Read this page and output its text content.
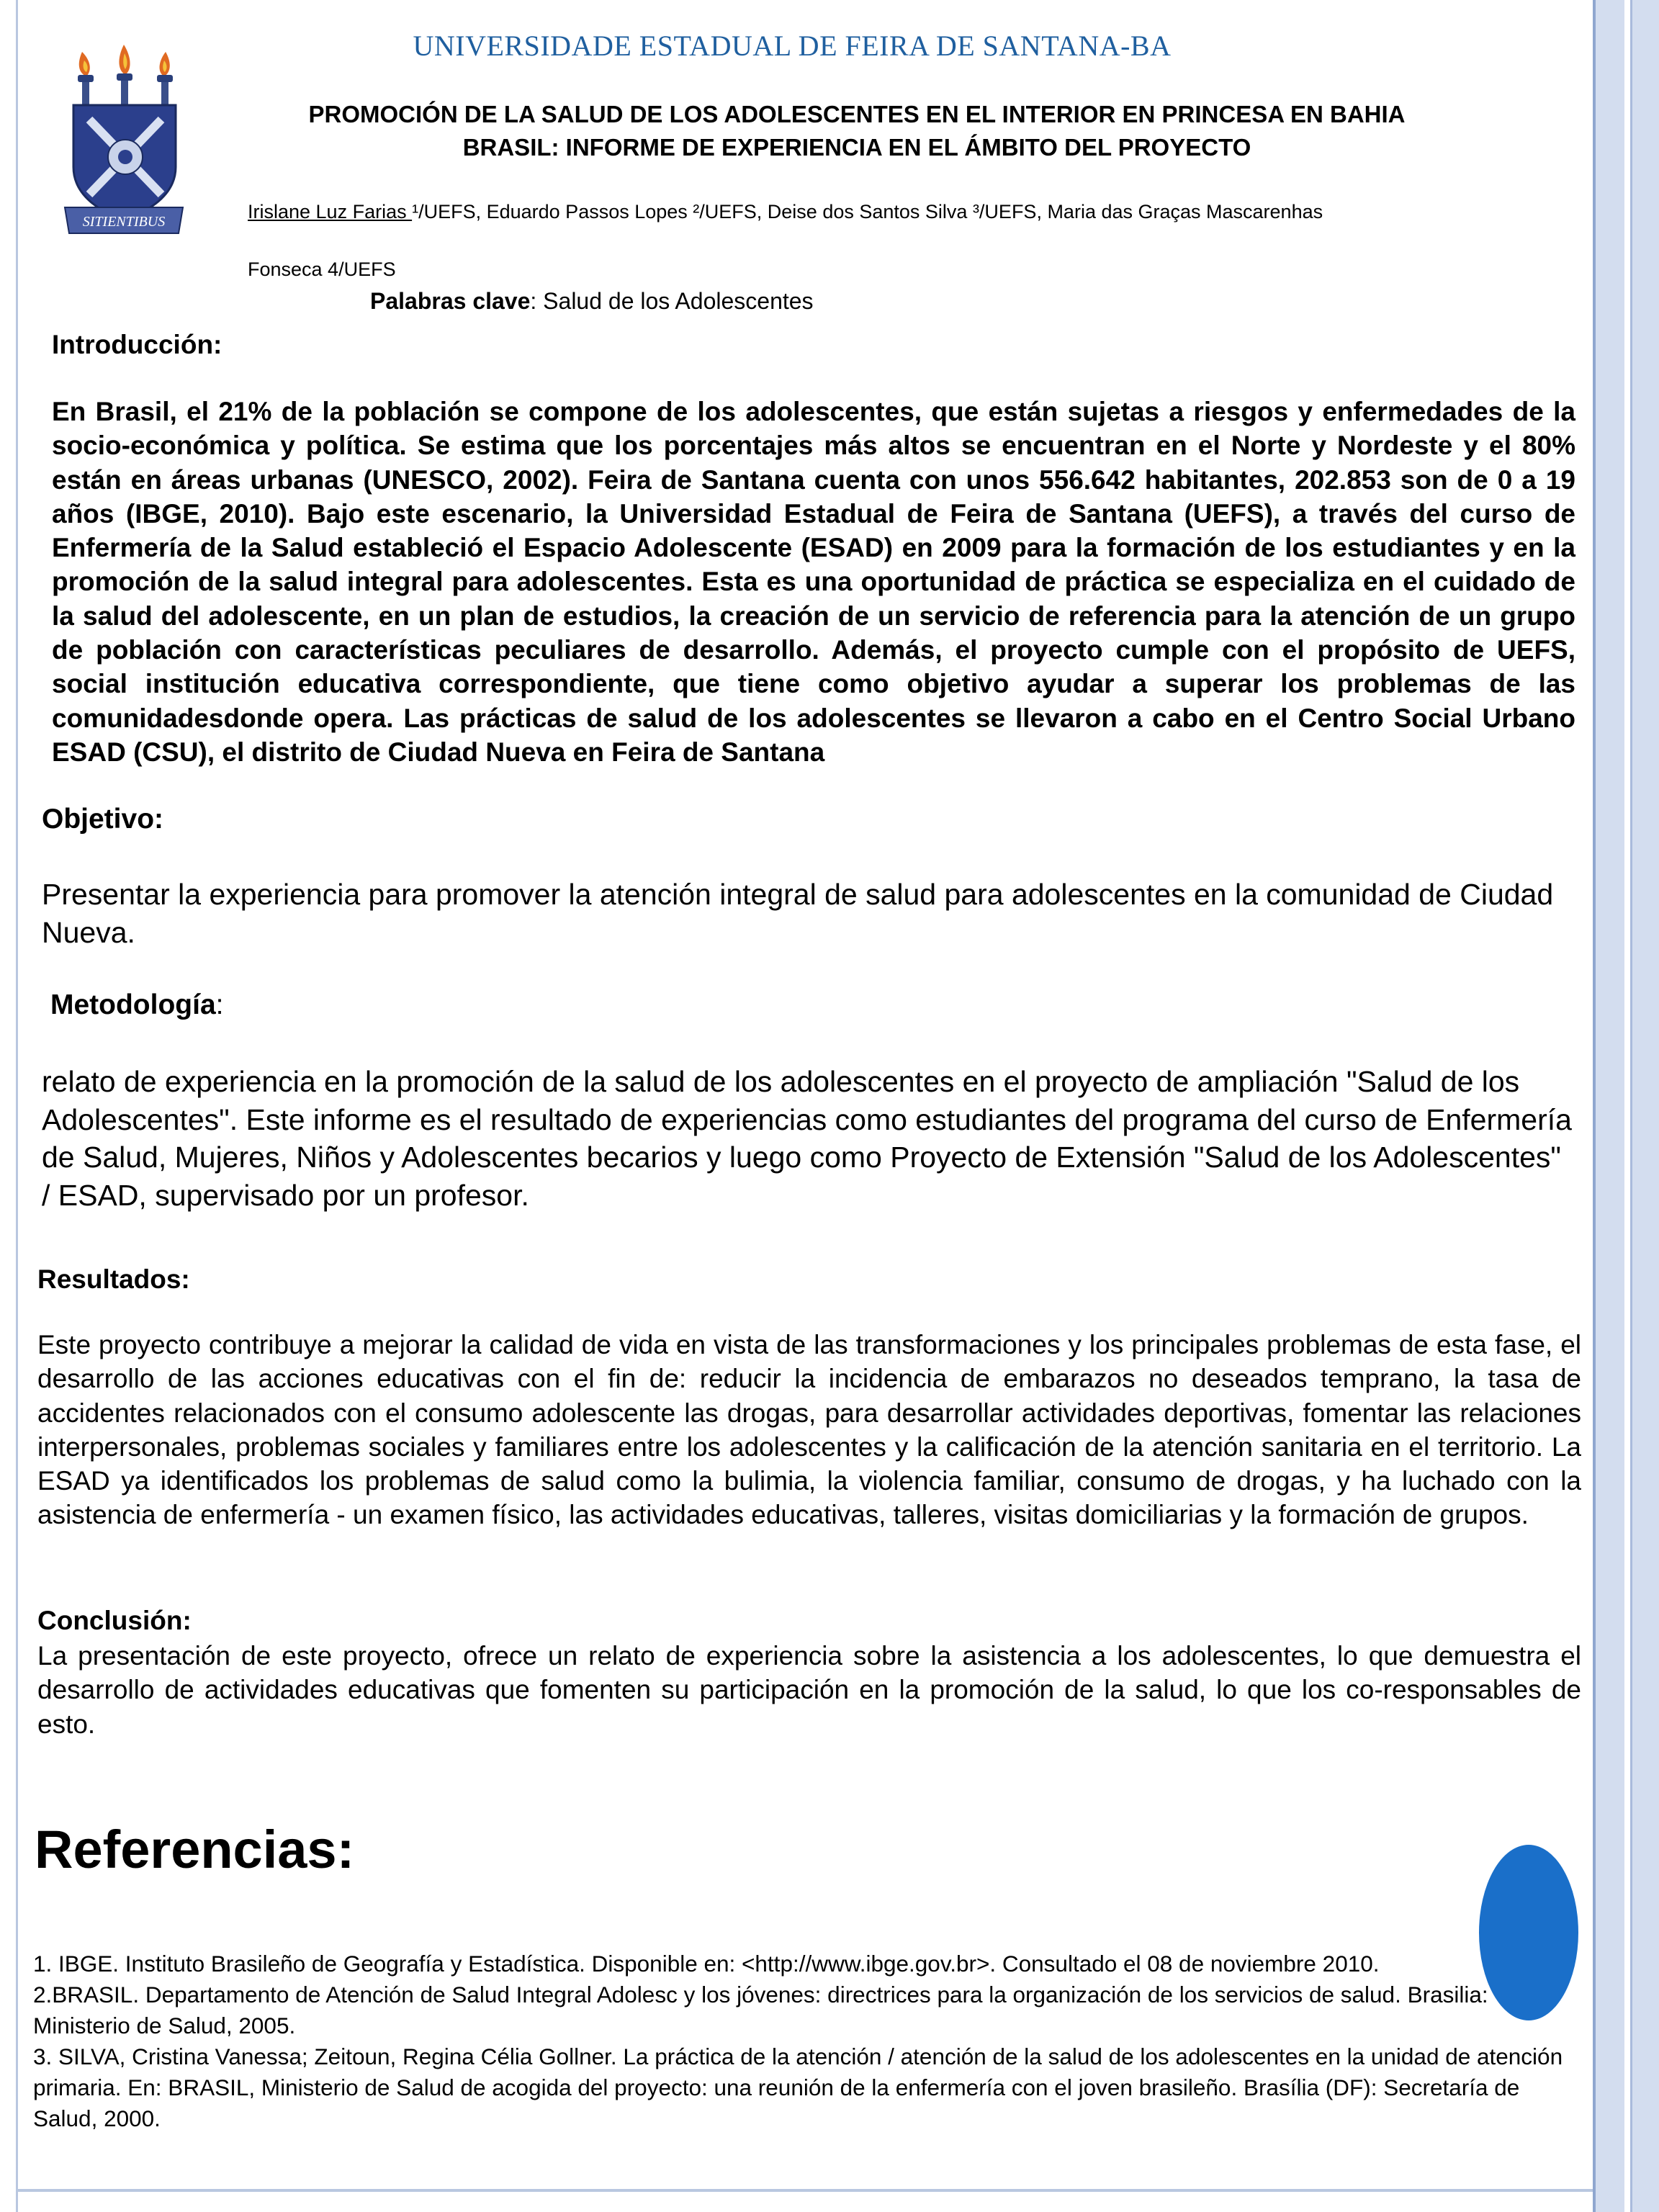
UNIVERSIDADE ESTADUAL DE FEIRA DE SANTANA-BA
SITIENTIBUS
PROMOCIÓN DE LA SALUD DE LOS ADOLESCENTES EN EL INTERIOR EN PRINCESA EN BAHIA
BRASIL: INFORME DE EXPERIENCIA EN EL ÁMBITO DEL PROYECTO
Irislane Luz Farias ¹/UEFS, Eduardo Passos Lopes ²/UEFS, Deise dos Santos Silva ³/UEFS, Maria das Graças Mascarenhas
Fonseca 4/UEFS
Palabras clave: Salud de los Adolescentes
Introducción:
En Brasil, el 21% de la población se compone de los adolescentes, que están sujetas a riesgos y enfermedades de la socio-económica y política. Se estima que los porcentajes más altos se encuentran en el Norte y Nordeste y el 80% están en áreas urbanas (UNESCO, 2002). Feira de Santana cuenta con unos 556.642 habitantes, 202.853 son de 0 a 19 años (IBGE, 2010). Bajo este escenario, la Universidad Estadual de Feira de Santana (UEFS), a través del curso de Enfermería de la Salud estableció el Espacio Adolescente (ESAD) en 2009 para la formación de los estudiantes y en la promoción de la salud integral para adolescentes. Esta es una oportunidad de práctica se especializa en el cuidado de la salud del adolescente, en un plan de estudios, la creación de un servicio de referencia para la atención de un grupo de población con características peculiares de desarrollo. Además, el proyecto cumple con el propósito de UEFS, social institución educativa correspondiente, que tiene como objetivo ayudar a superar los problemas de las comunidadesdonde opera. Las prácticas de salud de los adolescentes se llevaron a cabo en el Centro Social Urbano ESAD (CSU), el distrito de Ciudad Nueva en Feira de Santana
Objetivo:
Presentar la experiencia para promover la atención integral de salud para adolescentes en la comunidad de Ciudad Nueva.
Metodología:
relato de experiencia en la promoción de la salud de los adolescentes en el proyecto de ampliación "Salud de los Adolescentes". Este informe es el resultado de experiencias como estudiantes del programa del curso de Enfermería de Salud, Mujeres, Niños y Adolescentes becarios y luego como Proyecto de Extensión "Salud de los Adolescentes" / ESAD, supervisado por un profesor.
Resultados:
Este proyecto contribuye a mejorar la calidad de vida en vista de las transformaciones y los principales problemas de esta fase, el desarrollo de las acciones educativas con el fin de: reducir la incidencia de embarazos no deseados temprano, la tasa de accidentes relacionados con el consumo adolescente las drogas, para desarrollar actividades deportivas, fomentar las relaciones interpersonales, problemas sociales y familiares entre los adolescentes y la calificación de la atención sanitaria en el territorio. La ESAD ya identificados los problemas de salud como la bulimia, la violencia familiar, consumo de drogas, y ha luchado con la asistencia de enfermería - un examen físico, las actividades educativas, talleres, visitas domiciliarias y la formación de grupos.
Conclusión:
La presentación de este proyecto, ofrece un relato de experiencia sobre la asistencia a los adolescentes, lo que demuestra el desarrollo de actividades educativas que fomenten su participación en la promoción de la salud, lo que los co-responsables de esto.
Referencias:
1. IBGE. Instituto Brasileño de Geografía y Estadística. Disponible en: <http://www.ibge.gov.br>. Consultado el 08 de noviembre 2010.
2.BRASIL. Departamento de Atención de Salud Integral Adolesc y los jóvenes: directrices para la organización de los servicios de salud. Brasilia: Ministerio de Salud, 2005.
3. SILVA, Cristina Vanessa; Zeitoun, Regina Célia Gollner. La práctica de la atención / atención de la salud de los adolescentes en la unidad de atención primaria. En: BRASIL, Ministerio de Salud de acogida del proyecto: una reunión de la enfermería con el joven brasileño. Brasília (DF): Secretaría de Salud, 2000.
